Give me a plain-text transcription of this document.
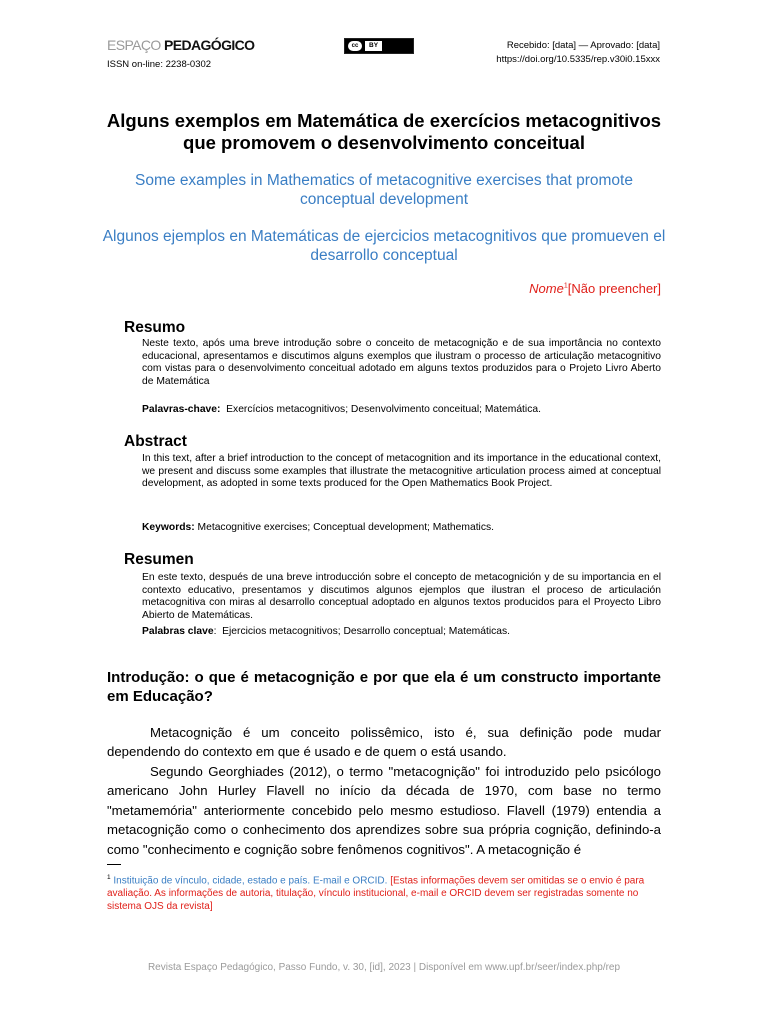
ESPAÇO PEDAGÓGICO
ISSN on-line: 2238-0302
cc	BY	Recebido: [data] — Aprovado: [data]
https://doi.org/10.5335/rep.v30i0.15xxx
Alguns exemplos em Matemática de exercícios metacognitivos que promovem o desenvolvimento conceitual
Some examples in Mathematics of metacognitive exercises that promote conceptual development
Algunos ejemplos en Matemáticas de ejercicios metacognitivos que promueven el desarrollo conceptual
Nome$^1$[Não preencher]
Resumo
Neste texto, após uma breve introdução sobre o conceito de metacognição e de sua importância no contexto educacional, apresentamos e discutimos alguns exemplos que ilustram o processo de articulação metacognitivo com vistas para o desenvolvimento conceitual adotado em alguns textos produzidos para o Projeto Livro Aberto de Matemática
Palavras-chave: Exercícios metacognitivos; Desenvolvimento conceitual; Matemática.
Abstract
In this text, after a brief introduction to the concept of metacognition and its importance in the educational context, we present and discuss some examples that illustrate the metacognitive articulation process aimed at conceptual development, as adopted in some texts produced for the Open Mathematics Book Project.
Keywords: Metacognitive exercises; Conceptual development; Mathematics.
Resumen
En este texto, después de una breve introducción sobre el concepto de metacognición y de su importancia en el contexto educativo, presentamos y discutimos algunos ejemplos que ilustran el proceso de articulación metacognitiva con miras al desarrollo conceptual adoptado en algunos textos producidos para el Proyecto Libro Abierto de Matemáticas.
Palabras clave:  Ejercicios metacognitivos; Desarrollo conceptual; Matemáticas.
Introdução: o que é metacognição e por que ela é um constructo importante em Educação?
Metacognição é um conceito polissêmico, isto é, sua definição pode mudar dependendo do contexto em que é usado e de quem o está usando.
Segundo Georghiades (2012), o termo "metacognição" foi introduzido pelo psicólogo americano John Hurley Flavell no início da década de 1970, com base no termo "metamemória" anteriormente concebido pelo mesmo estudioso. Flavell (1979) entendia a metacognição como o conhecimento dos aprendizes sobre sua própria cognição, definindo-a como "conhecimento e cognição sobre fenômenos cognitivos". A metacognição é
$^1$ Instituição de vínculo, cidade, estado e país. E-mail e ORCID. [Estas informações devem ser omitidas se o envio é para avaliação. As informações de autoria, titulação, vínculo institucional, e-mail e ORCID devem ser registradas somente no sistema OJS da revista]
Revista Espaço Pedagógico, Passo Fundo, v. 30, [id], 2023 | Disponível em www.upf.br/seer/index.php/rep
